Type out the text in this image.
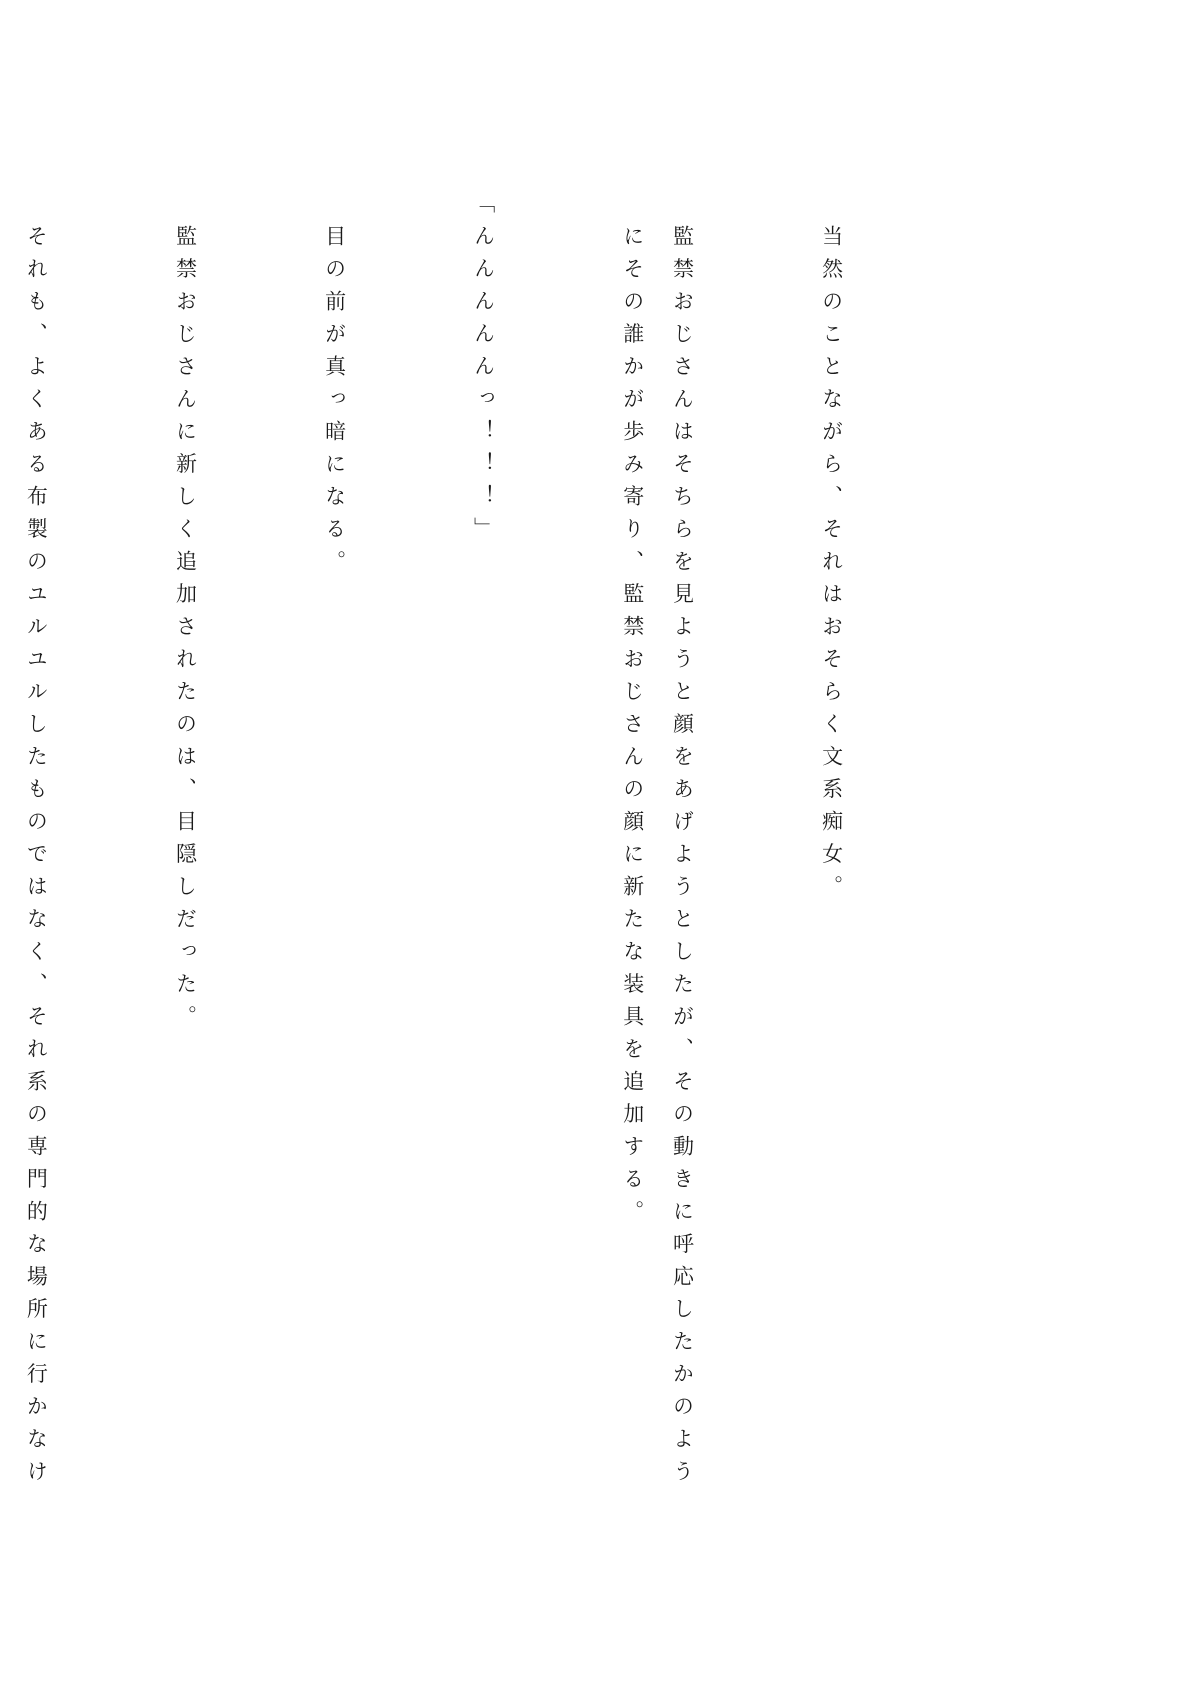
当然のことながら、それはおそらく文系痴女。

監禁おじさんはそちらを見ようと顔をあげようとしたが、その動きに呼応したかのようにその誰かが歩み寄り、監禁おじさんの顔に新たな装具を追加する。

「んんんんんっ！！！」

目の前が真っ暗になる。

監禁おじさんに新しく追加されたのは、目隠しだった。

それも、よくある布製のユルユルしたものではなく、それ系の専門的な場所に行かなけ
